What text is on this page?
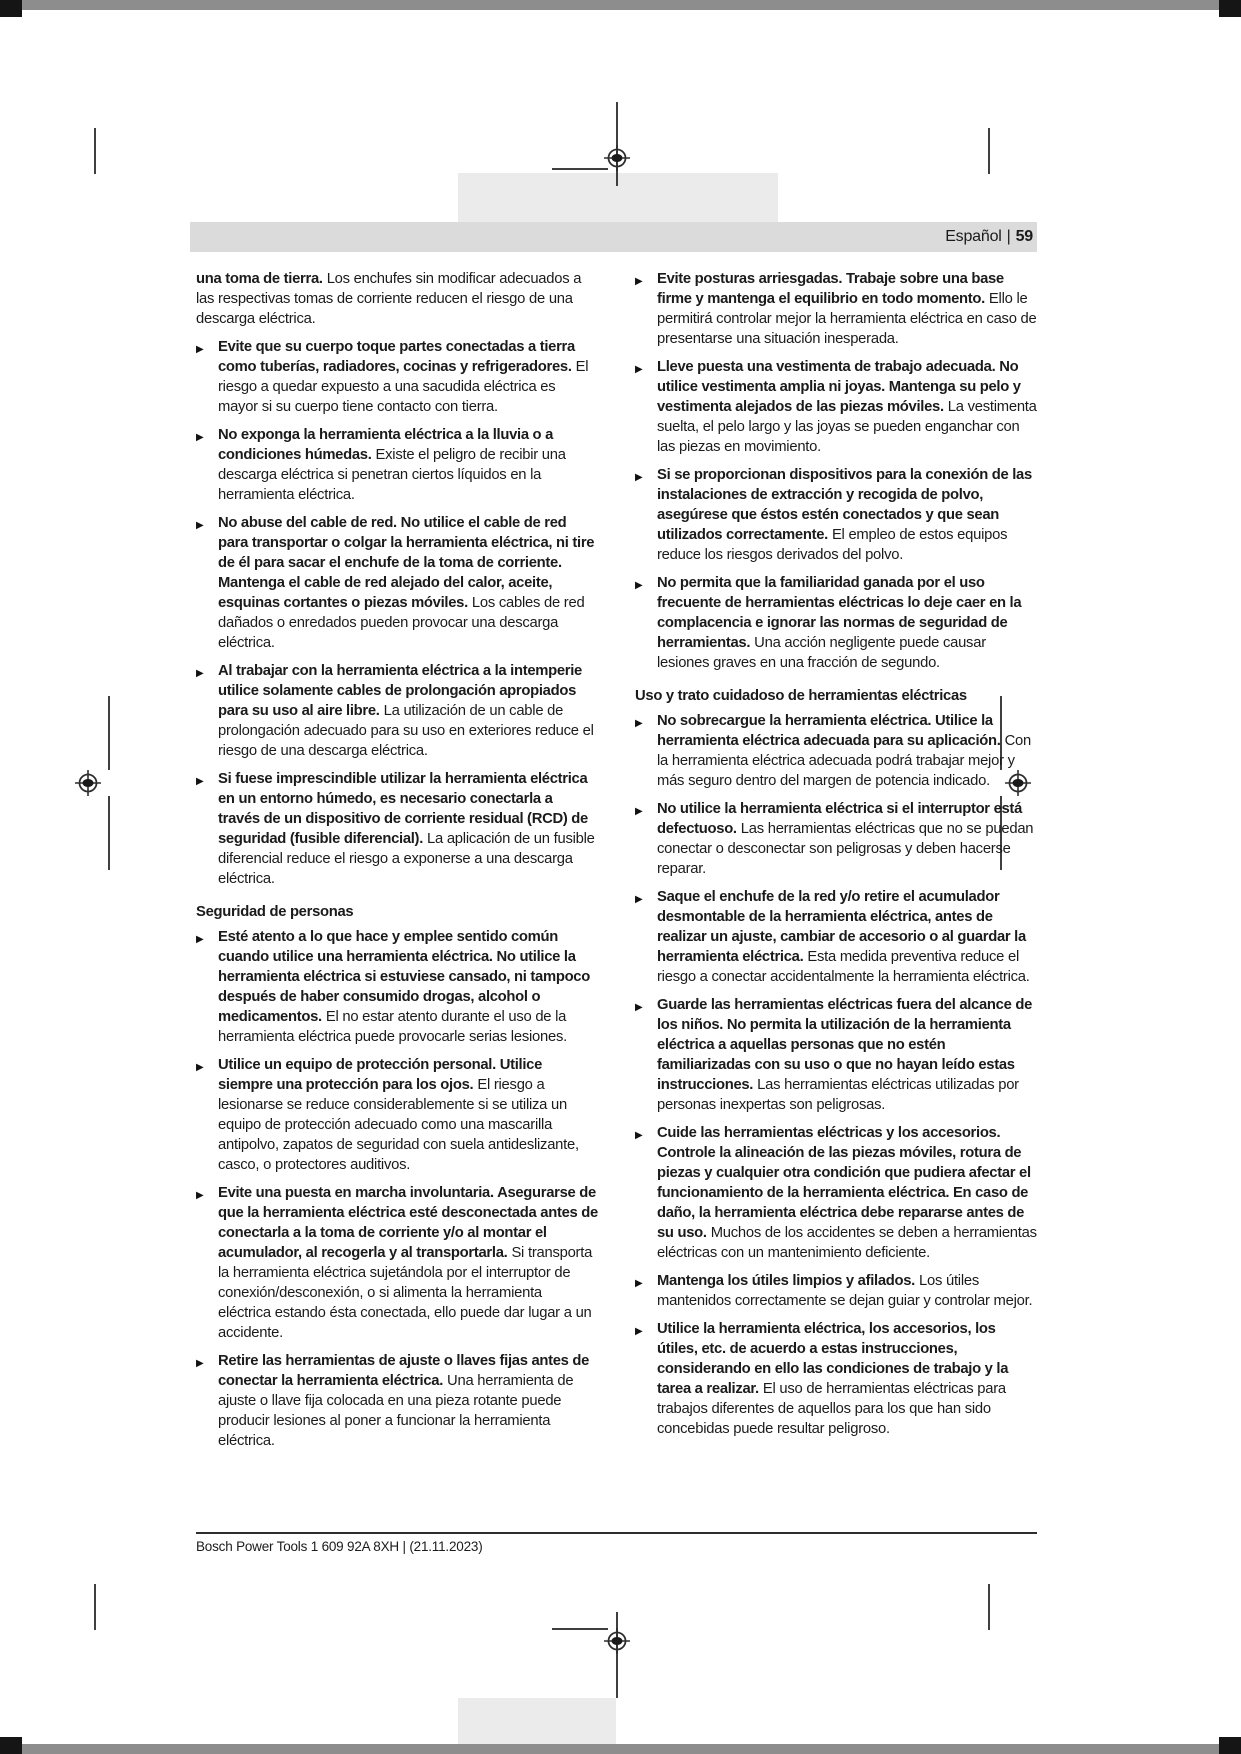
Español | 59
una toma de tierra. Los enchufes sin modificar adecuados a las respectivas tomas de corriente reducen el riesgo de una descarga eléctrica.
▶ Evite que su cuerpo toque partes conectadas a tierra como tuberías, radiadores, cocinas y refrigeradores. El riesgo a quedar expuesto a una sacudida eléctrica es mayor si su cuerpo tiene contacto con tierra.
▶ No exponga la herramienta eléctrica a la lluvia o a condiciones húmedas. Existe el peligro de recibir una descarga eléctrica si penetran ciertos líquidos en la herramienta eléctrica.
▶ No abuse del cable de red. No utilice el cable de red para transportar o colgar la herramienta eléctrica, ni tire de él para sacar el enchufe de la toma de corriente. Mantenga el cable de red alejado del calor, aceite, esquinas cortantes o piezas móviles. Los cables de red dañados o enredados pueden provocar una descarga eléctrica.
▶ Al trabajar con la herramienta eléctrica a la intemperie utilice solamente cables de prolongación apropiados para su uso al aire libre. La utilización de un cable de prolongación adecuado para su uso en exteriores reduce el riesgo de una descarga eléctrica.
▶ Si fuese imprescindible utilizar la herramienta eléctrica en un entorno húmedo, es necesario conectarla a través de un dispositivo de corriente residual (RCD) de seguridad (fusible diferencial). La aplicación de un fusible diferencial reduce el riesgo a exponerse a una descarga eléctrica.
Seguridad de personas
▶ Esté atento a lo que hace y emplee sentido común cuando utilice una herramienta eléctrica. No utilice la herramienta eléctrica si estuviese cansado, ni tampoco después de haber consumido drogas, alcohol o medicamentos. El no estar atento durante el uso de la herramienta eléctrica puede provocarle serias lesiones.
▶ Utilice un equipo de protección personal. Utilice siempre una protección para los ojos. El riesgo a lesionarse se reduce considerablemente si se utiliza un equipo de protección adecuado como una mascarilla antipolvo, zapatos de seguridad con suela antideslizante, casco, o protectores auditivos.
▶ Evite una puesta en marcha involuntaria. Asegurarse de que la herramienta eléctrica esté desconectada antes de conectarla a la toma de corriente y/o al montar el acumulador, al recogerla y al transportarla. Si transporta la herramienta eléctrica sujetándola por el interruptor de conexión/desconexión, o si alimenta la herramienta eléctrica estando ésta conectada, ello puede dar lugar a un accidente.
▶ Retire las herramientas de ajuste o llaves fijas antes de conectar la herramienta eléctrica. Una herramienta de ajuste o llave fija colocada en una pieza rotante puede producir lesiones al poner a funcionar la herramienta eléctrica.
▶ Evite posturas arriesgadas. Trabaje sobre una base firme y mantenga el equilibrio en todo momento. Ello le permitirá controlar mejor la herramienta eléctrica en caso de presentarse una situación inesperada.
▶ Lleve puesta una vestimenta de trabajo adecuada. No utilice vestimenta amplia ni joyas. Mantenga su pelo y vestimenta alejados de las piezas móviles. La vestimenta suelta, el pelo largo y las joyas se pueden enganchar con las piezas en movimiento.
▶ Si se proporcionan dispositivos para la conexión de las instalaciones de extracción y recogida de polvo, asegúrese que éstos estén conectados y que sean utilizados correctamente. El empleo de estos equipos reduce los riesgos derivados del polvo.
▶ No permita que la familiaridad ganada por el uso frecuente de herramientas eléctricas lo deje caer en la complacencia e ignorar las normas de seguridad de herramientas. Una acción negligente puede causar lesiones graves en una fracción de segundo.
Uso y trato cuidadoso de herramientas eléctricas
▶ No sobrecargue la herramienta eléctrica. Utilice la herramienta eléctrica adecuada para su aplicación. Con la herramienta eléctrica adecuada podrá trabajar mejor y más seguro dentro del margen de potencia indicado.
▶ No utilice la herramienta eléctrica si el interruptor está defectuoso. Las herramientas eléctricas que no se puedan conectar o desconectar son peligrosas y deben hacerse reparar.
▶ Saque el enchufe de la red y/o retire el acumulador desmontable de la herramienta eléctrica, antes de realizar un ajuste, cambiar de accesorio o al guardar la herramienta eléctrica. Esta medida preventiva reduce el riesgo a conectar accidentalmente la herramienta eléctrica.
▶ Guarde las herramientas eléctricas fuera del alcance de los niños. No permita la utilización de la herramienta eléctrica a aquellas personas que no estén familiarizadas con su uso o que no hayan leído estas instrucciones. Las herramientas eléctricas utilizadas por personas inexpertas son peligrosas.
▶ Cuide las herramientas eléctricas y los accesorios. Controle la alineación de las piezas móviles, rotura de piezas y cualquier otra condición que pudiera afectar el funcionamiento de la herramienta eléctrica. En caso de daño, la herramienta eléctrica debe repararse antes de su uso. Muchos de los accidentes se deben a herramientas eléctricas con un mantenimiento deficiente.
▶ Mantenga los útiles limpios y afilados. Los útiles mantenidos correctamente se dejan guiar y controlar mejor.
▶ Utilice la herramienta eléctrica, los accesorios, los útiles, etc. de acuerdo a estas instrucciones, considerando en ello las condiciones de trabajo y la tarea a realizar. El uso de herramientas eléctricas para trabajos diferentes de aquellos para los que han sido concebidas puede resultar peligroso.
Bosch Power Tools 1 609 92A 8XH | (21.11.2023)
